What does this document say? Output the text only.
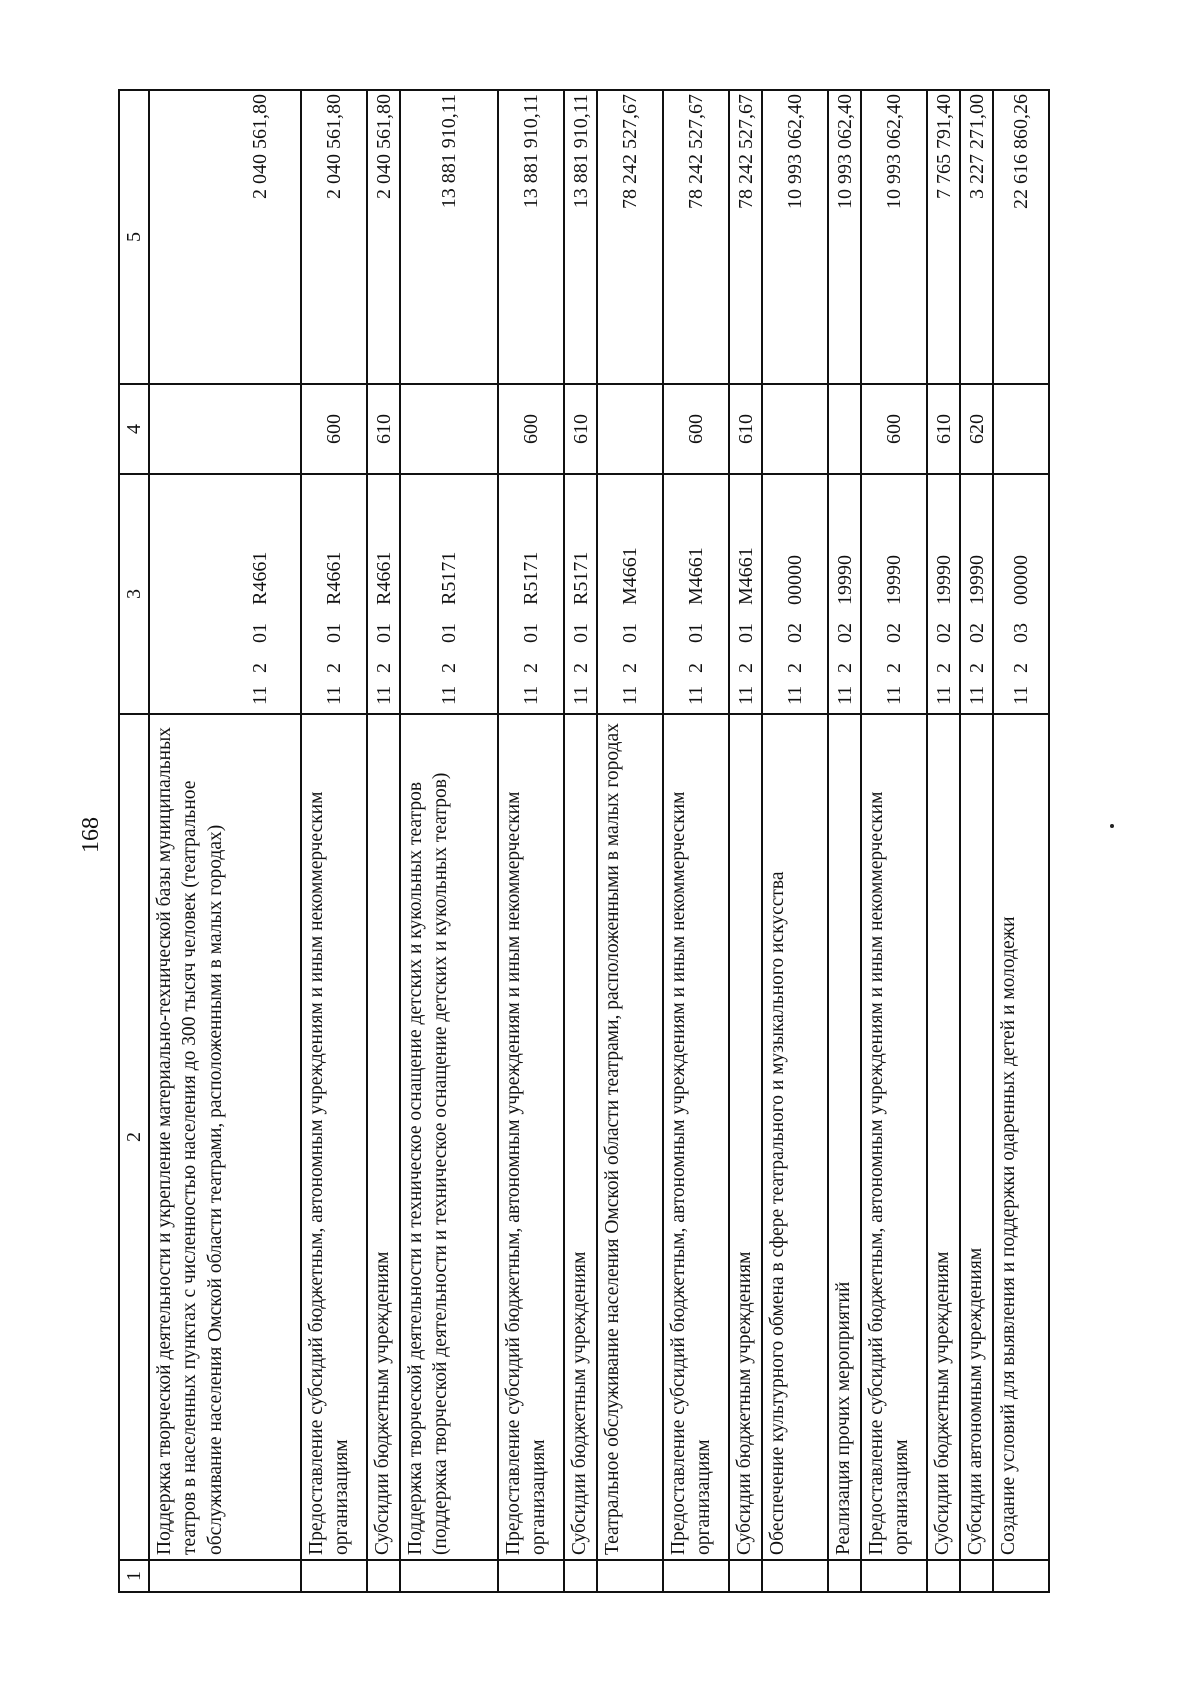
168
1	2	3	4	5
	Поддержка творческой деятельности и укрепление материально-технической базы муниципальных театров в населенных пунктах с численностью населения до 300 тысяч человек (театральное обслуживание населения Омской области театрами, расположенными в малых городах)	11201R4661		2 040 561,80
	Предоставление субсидий бюджетным, автономным учреждениям и иным некоммерческим организациям	11201R4661	600	2 040 561,80
	Субсидии бюджетным учреждениям	11201R4661	610	2 040 561,80
	Поддержка творческой деятельности и техническое оснащение детских и кукольных театров (поддержка творческой деятельности и техническое оснащение детских и кукольных театров)	11201R5171		13 881 910,11
	Предоставление субсидий бюджетным, автономным учреждениям и иным некоммерческим организациям	11201R5171	600	13 881 910,11
	Субсидии бюджетным учреждениям	11201R5171	610	13 881 910,11
	Театральное обслуживание населения Омской области театрами, расположенными в малых городах	11201M4661		78 242 527,67
	Предоставление субсидий бюджетным, автономным учреждениям и иным некоммерческим организациям	11201M4661	600	78 242 527,67
	Субсидии бюджетным учреждениям	11201M4661	610	78 242 527,67
	Обеспечение культурного обмена в сфере театрального и музыкального искусства	1120200000		10 993 062,40
	Реализация прочих мероприятий	1120219990		10 993 062,40
	Предоставление субсидий бюджетным, автономным учреждениям и иным некоммерческим организациям	1120219990	600	10 993 062,40
	Субсидии бюджетным учреждениям	1120219990	610	7 765 791,40
	Субсидии автономным учреждениям	1120219990	620	3 227 271,00
	Создание условий для выявления и поддержки одаренных детей и молодежи	1120300000		22 616 860,26
